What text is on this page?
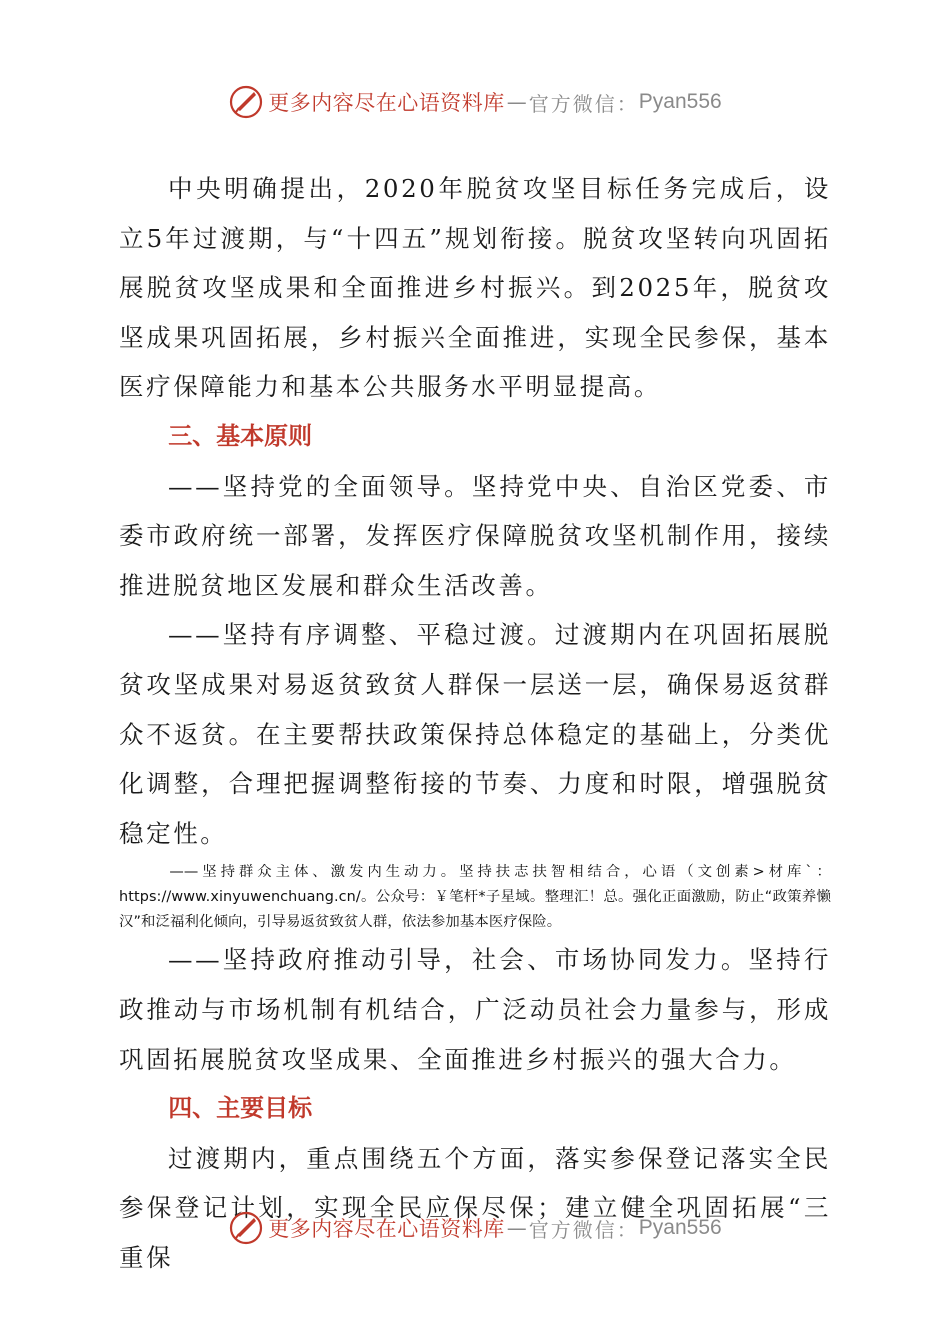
更多内容尽在心语资料库 — 官方微信： Pyan556

中央明确提出，2020年脱贫攻坚目标任务完成后，设立5年过渡期，与“十四五”规划衔接。脱贫攻坚转向巩固拓展脱贫攻坚成果和全面推进乡村振兴。到2025年，脱贫攻坚成果巩固拓展，乡村振兴全面推进，实现全民参保，基本医疗保障能力和基本公共服务水平明显提高。

三、基本原则

——坚持党的全面领导。坚持党中央、自治区党委、市委市政府统一部署，发挥医疗保障脱贫攻坚机制作用，接续推进脱贫地区发展和群众生活改善。

——坚持有序调整、平稳过渡。过渡期内在巩固拓展脱贫攻坚成果对易返贫致贫人群保一层送一层，确保易返贫群众不返贫。在主要帮扶政策保持总体稳定的基础上，分类优化调整，合理把握调整衔接的节奏、力度和时限，增强脱贫稳定性。

——坚持群众主体、激发内生动力。坚持扶志扶智相结合，心语（文创素>材库`：https://www.xinyuwenchuang.cn/。公众号：￥笔杆*子星域。整理汇！总。强化正面激励，防止“政策养懒汉”和泛福利化倾向，引导易返贫致贫人群，依法参加基本医疗保险。

——坚持政府推动引导，社会、市场协同发力。坚持行政推动与市场机制有机结合，广泛动员社会力量参与，形成巩固拓展脱贫攻坚成果、全面推进乡村振兴的强大合力。

四、主要目标

过渡期内，重点围绕五个方面，落实参保登记落实全民参保登记计划，实现全民应保尽保；建立健全巩固拓展“三重保

更多内容尽在心语资料库 — 官方微信： Pyan556
